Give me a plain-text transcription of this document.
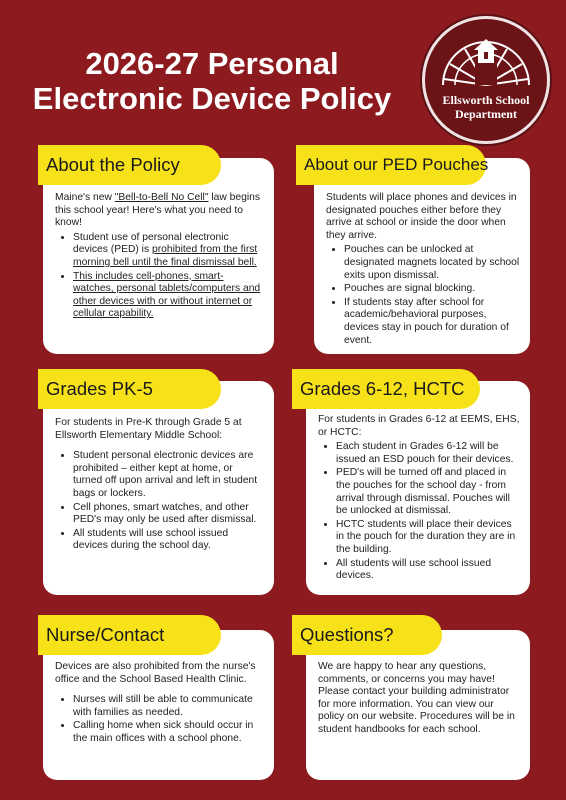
2026-27 Personal
Electronic Device Policy	Ellsworth School
Department

Maine's new "Bell-to-Bell No Cell" law begins this school year! Here's what you need to know!

• Student use of personal electronic devices (PED) is prohibited from the first morning bell until the final dismissal bell.
• This includes cell-phones, smart-watches, personal tablets/computers and other devices with or without internet or cellular capability.
About the Policy

Students will place phones and devices in designated pouches either before they arrive at school or inside the door when they arrive.

• Pouches can be unlocked at designated magnets located by school exits upon dismissal.
• Pouches are signal blocking.
• If students stay after school for academic/behavioral purposes, devices stay in pouch for duration of event.
About our PED Pouches

For students in Pre-K through Grade 5 at Ellsworth Elementary Middle School:

• Student personal electronic devices are prohibited – either kept at home, or turned off upon arrival and left in student bags or lockers.
• Cell phones, smart watches, and other PED's may only be used after dismissal.
• All students will use school issued devices during the school day.
Grades PK-5

For students in Grades 6-12 at EEMS, EHS, or HCTC:

• Each student in Grades 6-12 will be issued an ESD pouch for their devices.
• PED's will be turned off and placed in the pouches for the school day - from arrival through dismissal. Pouches will be unlocked at dismissal.
• HCTC students will place their devices in the pouch for the duration they are in the building.
• All students will use school issued devices.
Grades 6-12, HCTC

Devices are also prohibited from the nurse's office and the School Based Health Clinic.

• Nurses will still be able to communicate with families as needed.
• Calling home when sick should occur in the main offices with a school phone.
Nurse/Contact

We are happy to hear any questions, comments, or concerns you may have! Please contact your building administrator for more information. You can view our policy on our website. Procedures will be in student handbooks for each school.

Questions?
